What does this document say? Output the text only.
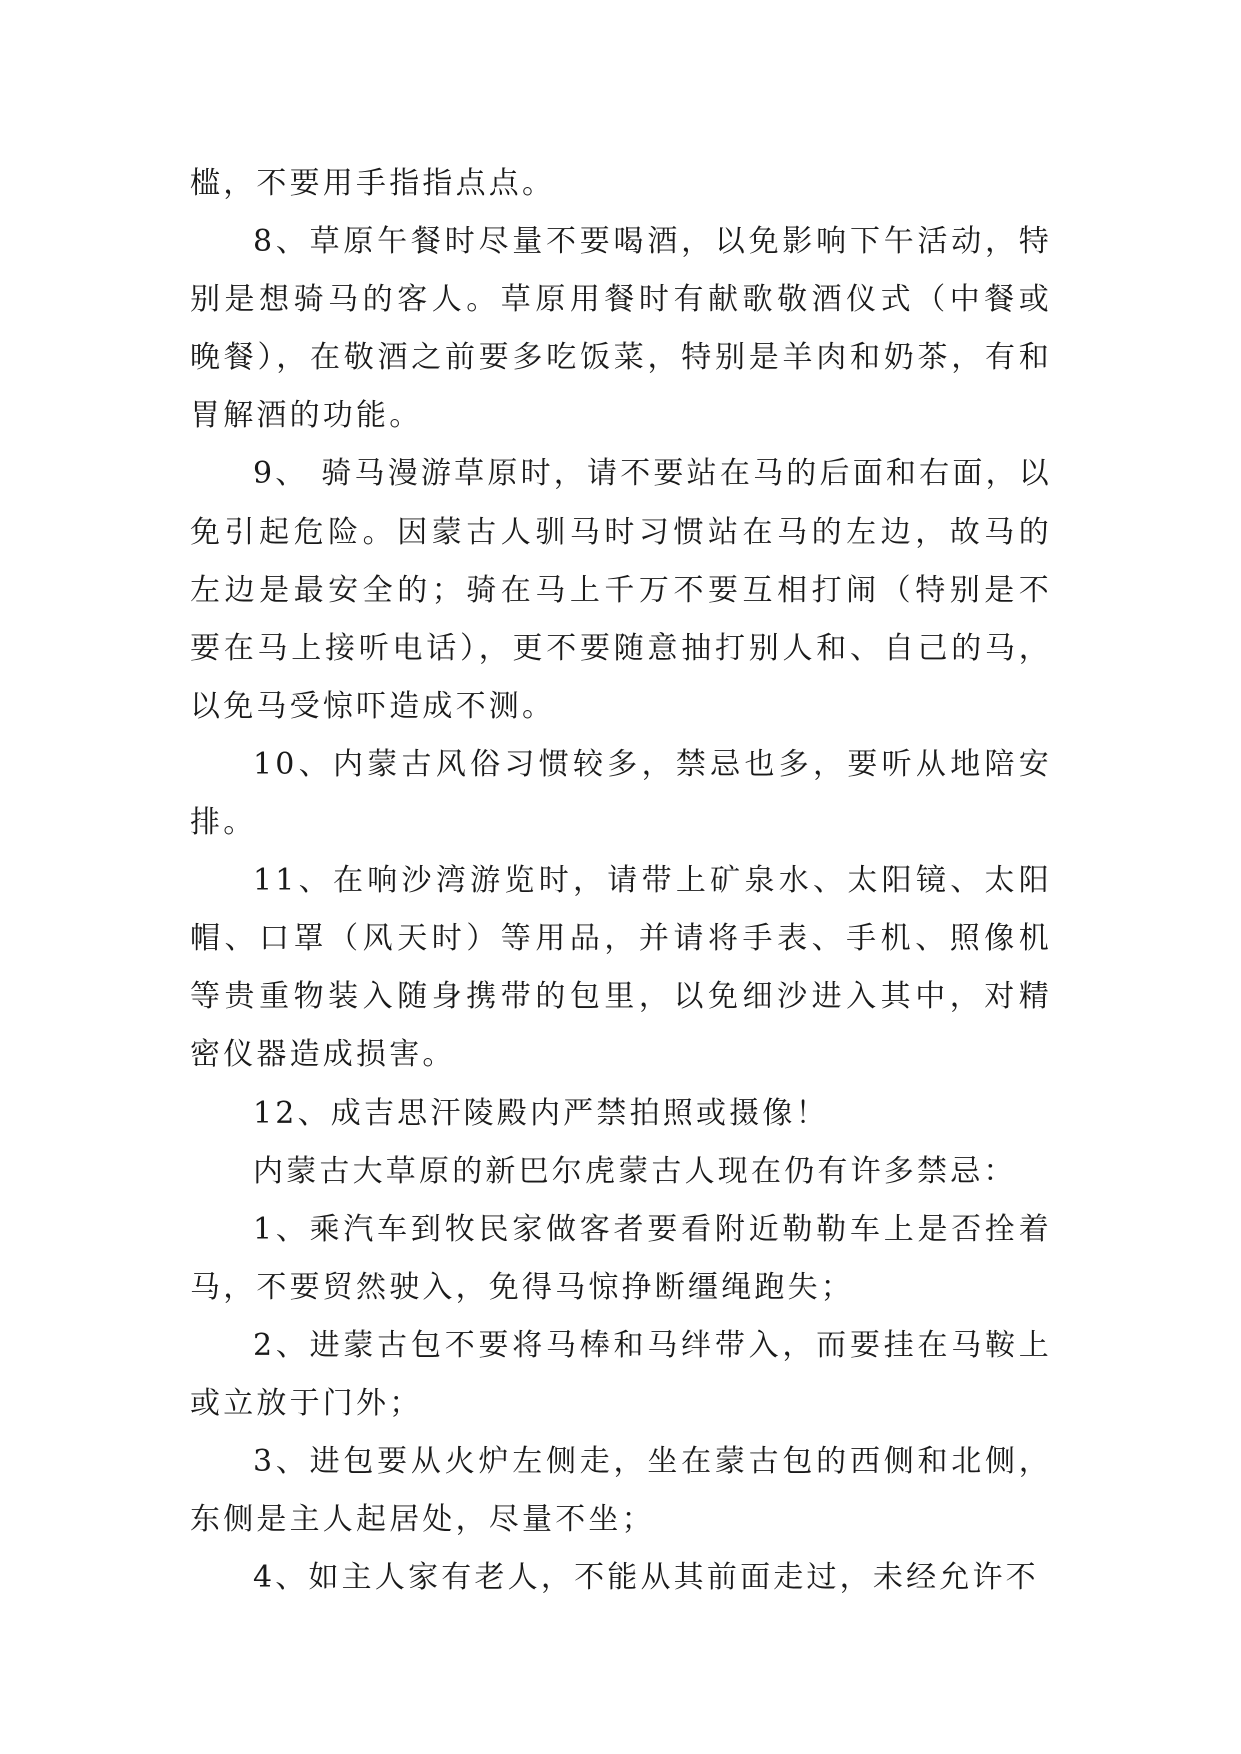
槛，不要用手指指点点。

8、草原午餐时尽量不要喝酒，以免影响下午活动，特别是想骑马的客人。草原用餐时有献歌敬酒仪式（中餐或晚餐），在敬酒之前要多吃饭菜，特别是羊肉和奶茶，有和胃解酒的功能。

9、 骑马漫游草原时，请不要站在马的后面和右面，以免引起危险。因蒙古人驯马时习惯站在马的左边，故马的左边是最安全的；骑在马上千万不要互相打闹（特别是不要在马上接听电话），更不要随意抽打别人和、自己的马，以免马受惊吓造成不测。

10、内蒙古风俗习惯较多，禁忌也多，要听从地陪安排。

11、在响沙湾游览时，请带上矿泉水、太阳镜、太阳帽、口罩（风天时）等用品，并请将手表、手机、照像机等贵重物装入随身携带的包里，以免细沙进入其中，对精密仪器造成损害。

12、成吉思汗陵殿内严禁拍照或摄像！

内蒙古大草原的新巴尔虎蒙古人现在仍有许多禁忌：

1、乘汽车到牧民家做客者要看附近勒勒车上是否拴着马，不要贸然驶入，免得马惊挣断缰绳跑失；

2、进蒙古包不要将马棒和马绊带入，而要挂在马鞍上或立放于门外；

3、进包要从火炉左侧走，坐在蒙古包的西侧和北侧，东侧是主人起居处，尽量不坐；

4、如主人家有老人，不能从其前面走过，未经允许不
